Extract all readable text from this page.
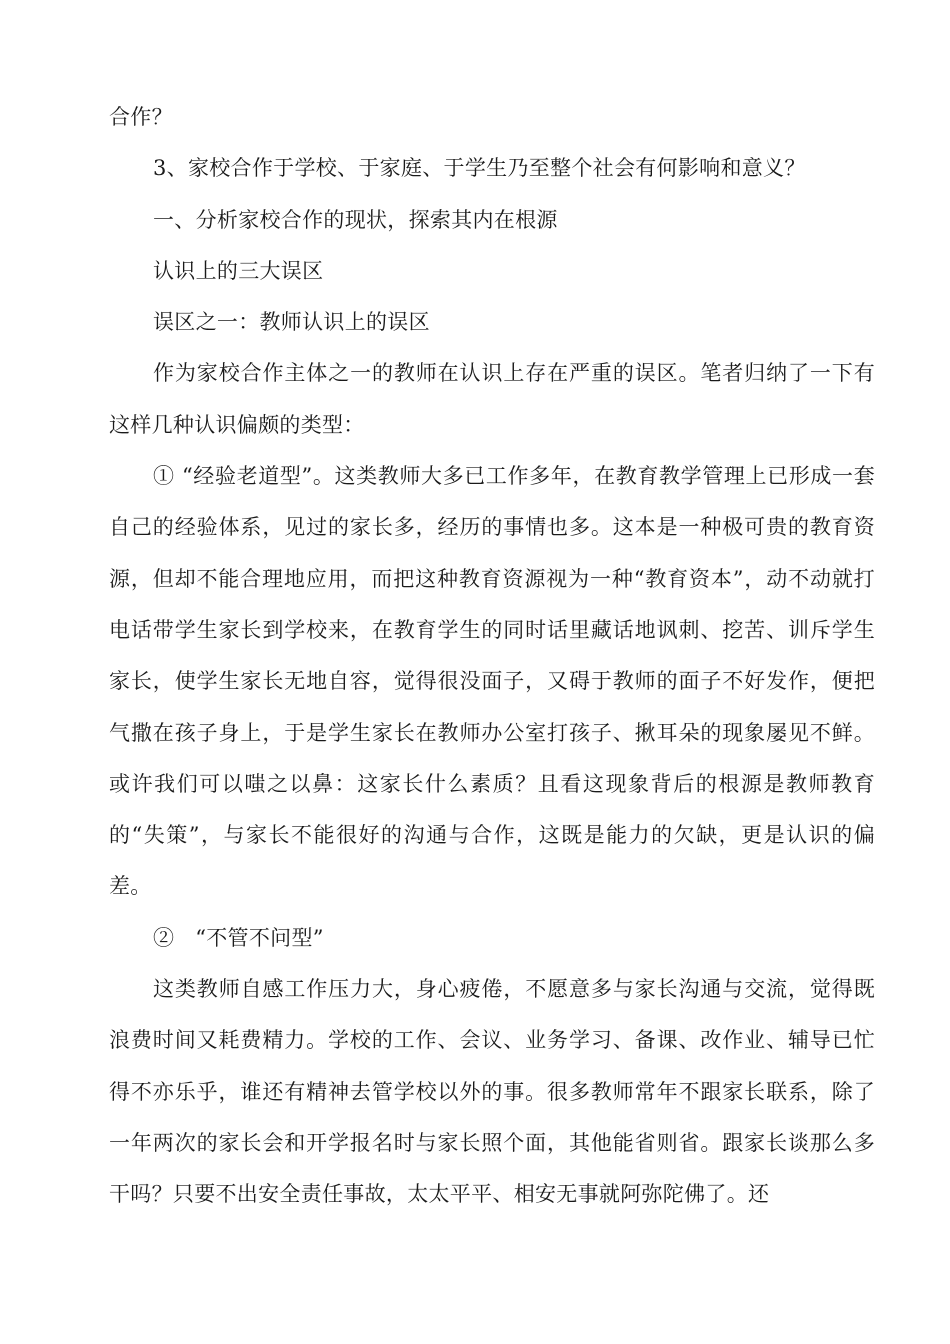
合作？

3、家校合作于学校、于家庭、于学生乃至整个社会有何影响和意义？

一、分析家校合作的现状，探索其内在根源

认识上的三大误区

误区之一：教师认识上的误区

作为家校合作主体之一的教师在认识上存在严重的误区。笔者归纳了一下有这样几种认识偏颇的类型：

① “经验老道型”。这类教师大多已工作多年，在教育教学管理上已形成一套自己的经验体系，见过的家长多，经历的事情也多。这本是一种极可贵的教育资源，但却不能合理地应用，而把这种教育资源视为一种“教育资本”，动不动就打电话带学生家长到学校来，在教育学生的同时话里藏话地讽刺、挖苦、训斥学生家长，使学生家长无地自容，觉得很没面子，又碍于教师的面子不好发作，便把气撒在孩子身上，于是学生家长在教师办公室打孩子、揪耳朵的现象屡见不鲜。或许我们可以嗤之以鼻：这家长什么素质？且看这现象背后的根源是教师教育的“失策”，与家长不能很好的沟通与合作，这既是能力的欠缺，更是认识的偏差。

②   “不管不问型”

这类教师自感工作压力大，身心疲倦，不愿意多与家长沟通与交流，觉得既浪费时间又耗费精力。学校的工作、会议、业务学习、备课、改作业、辅导已忙得不亦乐乎，谁还有精神去管学校以外的事。很多教师常年不跟家长联系，除了一年两次的家长会和开学报名时与家长照个面，其他能省则省。跟家长谈那么多干吗？只要不出安全责任事故，太太平平、相安无事就阿弥陀佛了。还
